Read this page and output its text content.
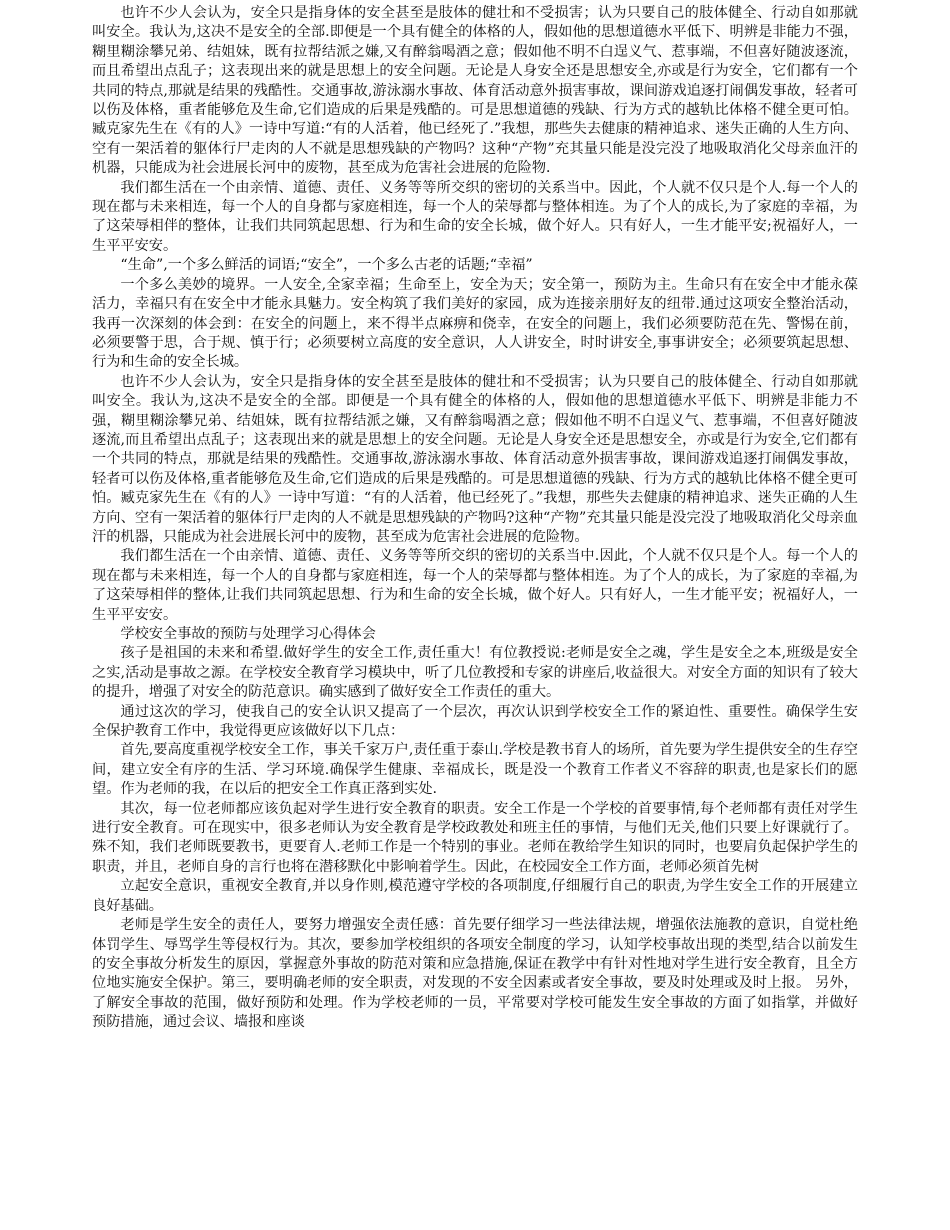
也许不少人会认为，安全只是指身体的安全甚至是肢体的健壮和不受损害；认为只要自己的肢体健全、行动自如那就叫安全。我认为,这决不是安全的全部.即便是一个具有健全的体格的人，假如他的思想道德水平低下、明辨是非能力不强，糊里糊涂攀兄弟、结姐妹，既有拉帮结派之嫌,又有醉翁喝酒之意；假如他不明不白逞义气、惹事端，不但喜好随波逐流，而且希望出点乱子；这表现出来的就是思想上的安全问题。无论是人身安全还是思想安全,亦或是行为安全，它们都有一个共同的特点,那就是结果的残酷性。交通事故,游泳溺水事故、体育活动意外损害事故，课间游戏追逐打闹偶发事故，轻者可以伤及体格，重者能够危及生命,它们造成的后果是残酷的。可是思想道德的残缺、行为方式的越轨比体格不健全更可怕。臧克家先生在《有的人》一诗中写道:“有的人活着，他已经死了.”我想，那些失去健康的精神追求、迷失正确的人生方向、空有一架活着的躯体行尸走肉的人不就是思想残缺的产物吗？这种“产物”充其量只能是没完没了地吸取消化父母亲血汗的机器，只能成为社会进展长河中的废物，甚至成为危害社会进展的危险物．

我们都生活在一个由亲情、道德、责任、义务等等所交织的密切的关系当中。因此，个人就不仅只是个人.每一个人的现在都与未来相连，每一个人的自身都与家庭相连，每一个人的荣辱都与整体相连。为了个人的成长,为了家庭的幸福，为了这荣辱相伴的整体，让我们共同筑起思想、行为和生命的安全长城，做个好人。只有好人，一生才能平安;祝福好人，一生平平安安。

“生命”,一个多么鲜活的词语;“安全”，一个多么古老的话题;“幸福”

一个多么美妙的境界。一人安全,全家幸福；生命至上，安全为天；安全第一，预防为主。生命只有在安全中才能永葆活力，幸福只有在安全中才能永具魅力。安全构筑了我们美好的家园，成为连接亲朋好友的纽带.通过这项安全整治活动，我再一次深刻的体会到：在安全的问题上，来不得半点麻痹和侥幸，在安全的问题上，我们必须要防范在先、警惕在前，必须要警于思，合于规、慎于行；必须要树立高度的安全意识，人人讲安全，时时讲安全,事事讲安全；必须要筑起思想、行为和生命的安全长城。

也许不少人会认为，安全只是指身体的安全甚至是肢体的健壮和不受损害；认为只要自己的肢体健全、行动自如那就叫安全。我认为,这决不是安全的全部。即便是一个具有健全的体格的人，假如他的思想道德水平低下、明辨是非能力不强，糊里糊涂攀兄弟、结姐妹，既有拉帮结派之嫌，又有醉翁喝酒之意；假如他不明不白逞义气、惹事端，不但喜好随波逐流,而且希望出点乱子；这表现出来的就是思想上的安全问题。无论是人身安全还是思想安全，亦或是行为安全,它们都有一个共同的特点，那就是结果的残酷性。交通事故,游泳溺水事故、体育活动意外损害事故，课间游戏追逐打闹偶发事故，轻者可以伤及体格,重者能够危及生命,它们造成的后果是残酷的。可是思想道德的残缺、行为方式的越轨比体格不健全更可怕。臧克家先生在《有的人》一诗中写道：“有的人活着，他已经死了。”我想，那些失去健康的精神追求、迷失正确的人生方向、空有一架活着的躯体行尸走肉的人不就是思想残缺的产物吗?这种“产物”充其量只能是没完没了地吸取消化父母亲血汗的机器，只能成为社会进展长河中的废物，甚至成为危害社会进展的危险物。

我们都生活在一个由亲情、道德、责任、义务等等所交织的密切的关系当中.因此，个人就不仅只是个人。每一个人的现在都与未来相连，每一个人的自身都与家庭相连，每一个人的荣辱都与整体相连。为了个人的成长，为了家庭的幸福,为了这荣辱相伴的整体,让我们共同筑起思想、行为和生命的安全长城，做个好人。只有好人，一生才能平安；祝福好人，一生平平安安。

学校安全事故的预防与处理学习心得体会

孩子是祖国的未来和希望.做好学生的安全工作,责任重大！有位教授说:老师是安全之魂，学生是安全之本,班级是安全之实,活动是事故之源。在学校安全教育学习模块中，听了几位教授和专家的讲座后,收益很大。对安全方面的知识有了较大的提升，增强了对安全的防范意识。确实感到了做好安全工作责任的重大。

通过这次的学习，使我自己的安全认识又提高了一个层次，再次认识到学校安全工作的紧迫性、重要性。确保学生安全保护教育工作中，我觉得更应该做好以下几点：

首先,要高度重视学校安全工作，事关千家万户,责任重于泰山.学校是教书育人的场所，首先要为学生提供安全的生存空间，建立安全有序的生活、学习环境.确保学生健康、幸福成长，既是没一个教育工作者义不容辞的职责,也是家长们的愿望。作为老师的我，在以后的把安全工作真正落到实处.

其次，每一位老师都应该负起对学生进行安全教育的职责。安全工作是一个学校的首要事情,每个老师都有责任对学生进行安全教育。可在现实中，很多老师认为安全教育是学校政教处和班主任的事情，与他们无关,他们只要上好课就行了。殊不知，我们老师既要教书，更要育人.老师工作是一个特别的事业。老师在教给学生知识的同时，也要肩负起保护学生的职责，并且，老师自身的言行也将在潜移默化中影响着学生。因此，在校园安全工作方面，老师必须首先树

立起安全意识，重视安全教育,并以身作则,模范遵守学校的各项制度,仔细履行自己的职责,为学生安全工作的开展建立良好基础。

老师是学生安全的责任人，要努力增强安全责任感：首先要仔细学习一些法律法规，增强依法施教的意识，自觉杜绝体罚学生、辱骂学生等侵权行为。其次，要参加学校组织的各项安全制度的学习，认知学校事故出现的类型,结合以前发生的安全事故分析发生的原因，掌握意外事故的防范对策和应急措施,保证在教学中有针对性地对学生进行安全教育，且全方位地实施安全保护。第三，要明确老师的安全职责，对发现的不安全因素或者安全事故，要及时处理或及时上报。 另外，了解安全事故的范围，做好预防和处理。作为学校老师的一员，平常要对学校可能发生安全事故的方面了如指掌，并做好预防措施，通过会议、墙报和座谈
